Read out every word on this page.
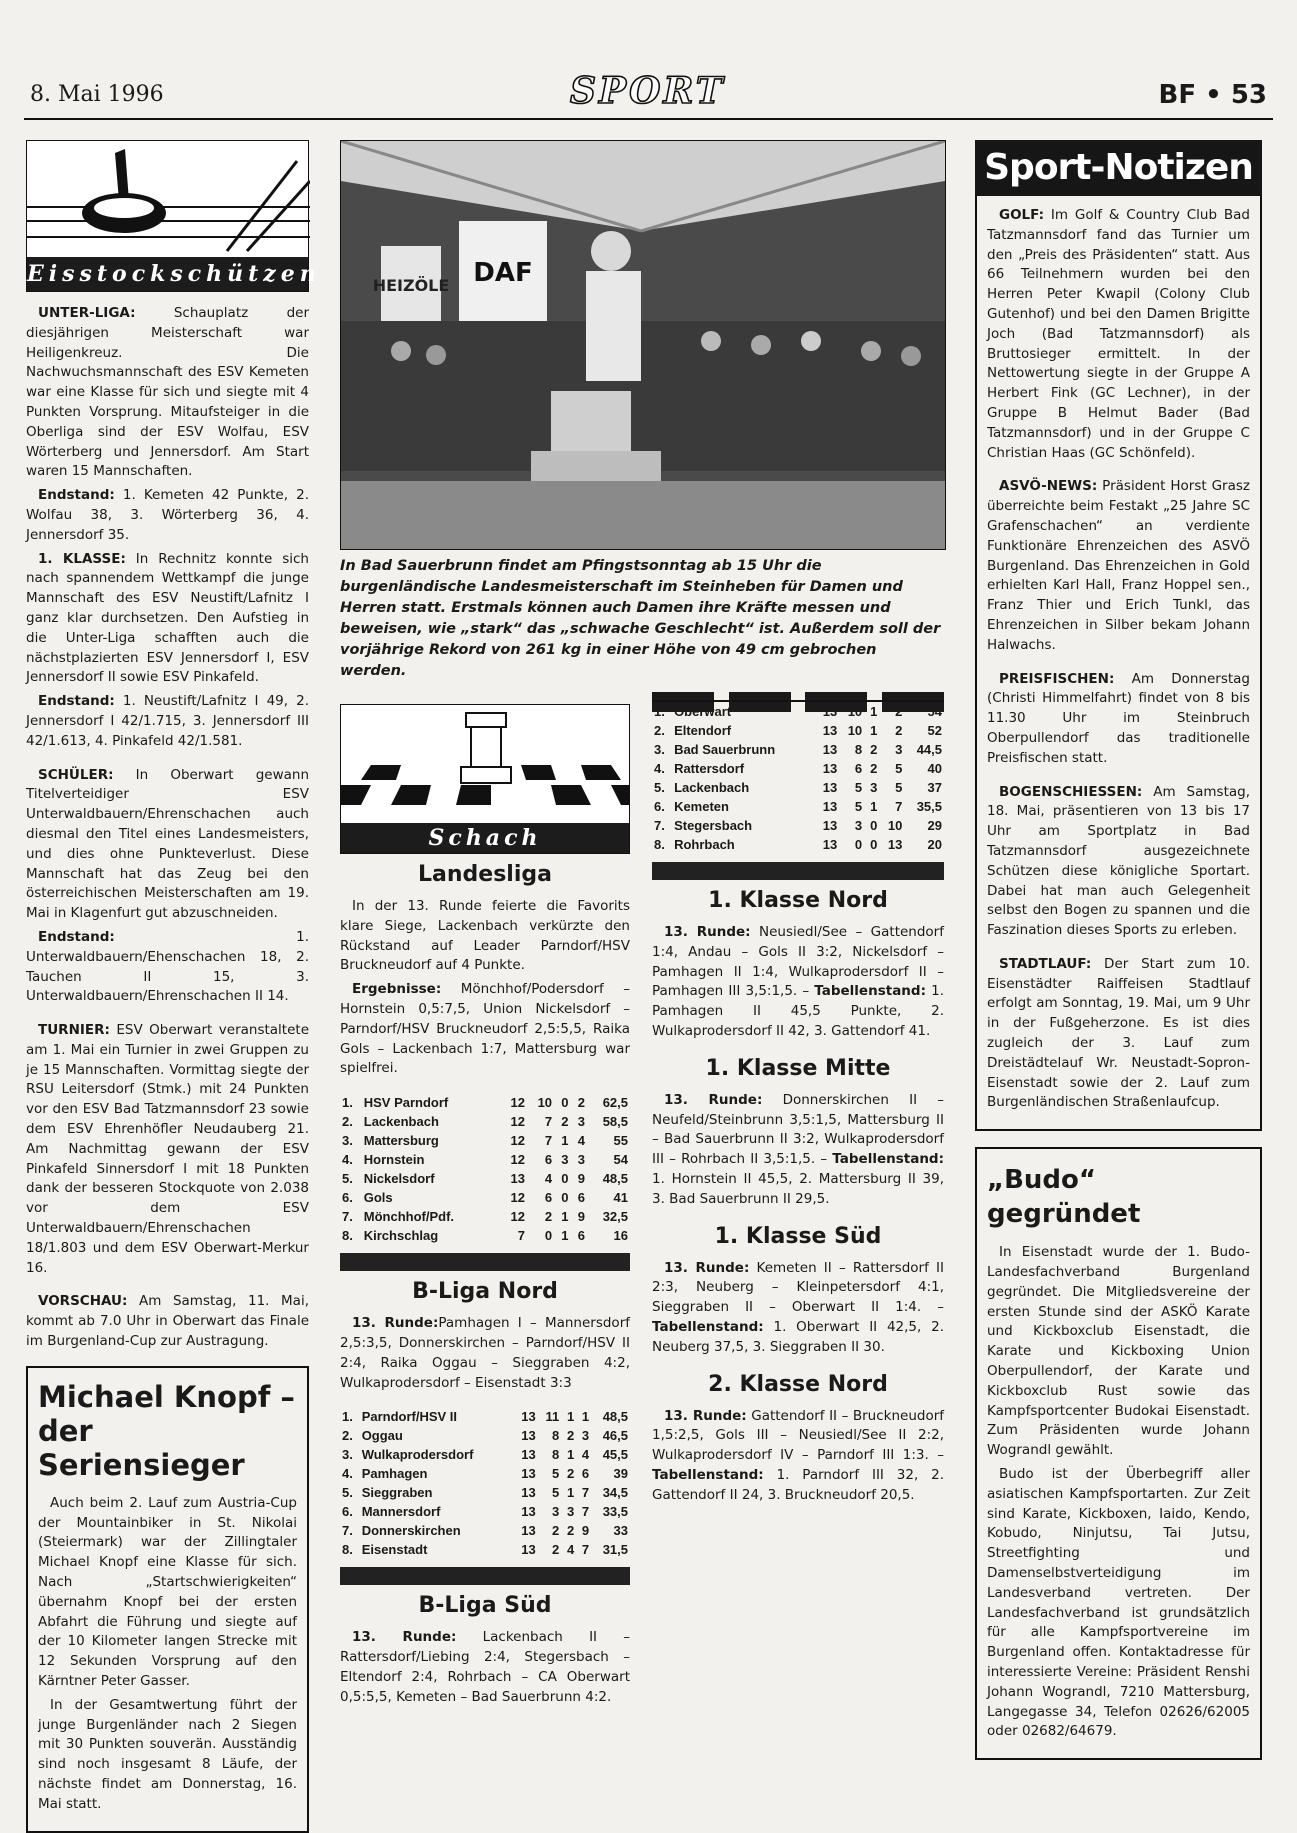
8. Mai 1996	SPORT	BF • 53
Eisstockschützen

UNTER-LIGA: Schauplatz der diesjährigen Meisterschaft war Heiligenkreuz. Die Nachwuchsmannschaft des ESV Kemeten war eine Klasse für sich und siegte mit 4 Punkten Vorsprung. Mitaufsteiger in die Oberliga sind der ESV Wolfau, ESV Wörterberg und Jennersdorf. Am Start waren 15 Mannschaften.

Endstand: 1. Kemeten 42 Punkte, 2. Wolfau 38, 3. Wörterberg 36, 4. Jennersdorf 35.

1. KLASSE: In Rechnitz konnte sich nach spannendem Wettkampf die junge Mannschaft des ESV Neustift/Lafnitz I ganz klar durchsetzen. Den Aufstieg in die Unter-Liga schafften auch die nächstplazierten ESV Jennersdorf I, ESV Jennersdorf II sowie ESV Pinkafeld.

Endstand: 1. Neustift/Lafnitz I 49, 2. Jennersdorf I 42/1.715, 3. Jennersdorf III 42/1.613, 4. Pinkafeld 42/1.581.

SCHÜLER: In Oberwart gewann Titelverteidiger ESV Unterwaldbauern/Ehrenschachen auch diesmal den Titel eines Landesmeisters, und dies ohne Punkteverlust. Diese Mannschaft hat das Zeug bei den österreichischen Meisterschaften am 19. Mai in Klagenfurt gut abzuschneiden.

Endstand: 1. Unterwaldbauern/Ehenschachen 18, 2. Tauchen II 15, 3. Unterwaldbauern/Ehrenschachen II 14.

TURNIER: ESV Oberwart veranstaltete am 1. Mai ein Turnier in zwei Gruppen zu je 15 Mannschaften. Vormittag siegte der RSU Leitersdorf (Stmk.) mit 24 Punkten vor den ESV Bad Tatzmannsdorf 23 sowie dem ESV Ehrenhöfler Neudauberg 21. Am Nachmittag gewann der ESV Pinkafeld Sinnersdorf I mit 18 Punkten dank der besseren Stockquote von 2.038 vor dem ESV Unterwaldbauern/Ehrenschachen 18/1.803 und dem ESV Oberwart-Merkur 16.

VORSCHAU: Am Samstag, 11. Mai, kommt ab 7.0 Uhr in Oberwart das Finale im Burgenland-Cup zur Austragung.

Michael Knopf – der Seriensieger

Auch beim 2. Lauf zum Austria-Cup der Mountainbiker in St. Nikolai (Steiermark) war der Zillingtaler Michael Knopf eine Klasse für sich. Nach „Startschwierigkeiten“ übernahm Knopf bei der ersten Abfahrt die Führung und siegte auf der 10 Kilometer langen Strecke mit 12 Sekunden Vorsprung auf den Kärntner Peter Gasser.

In der Gesamtwertung führt der junge Burgenländer nach 2 Siegen mit 30 Punkten souverän. Ausständig sind noch insgesamt 8 Läufe, der nächste findet am Donnerstag, 16. Mai statt.

HEIZÖLE DAF
In Bad Sauerbrunn findet am Pfingstsonntag ab 15 Uhr die burgenländische Landesmeisterschaft im Steinheben für Damen und Herren statt. Erstmals können auch Damen ihre Kräfte messen und beweisen, wie „stark“ das „schwache Geschlecht“ ist. Außerdem soll der vorjährige Rekord von 261 kg in einer Höhe von 49 cm gebrochen werden.
Schach
Landesliga

In der 13. Runde feierte die Favorits klare Siege, Lackenbach verkürzte den Rückstand auf Leader Parndorf/HSV Bruckneudorf auf 4 Punkte.

Ergebnisse: Mönchhof/Podersdorf – Hornstein 0,5:7,5, Union Nickelsdorf – Parndorf/HSV Bruckneudorf 2,5:5,5, Raika Gols – Lackenbach 1:7, Mattersburg war spielfrei.

1.	HSV Parndorf	12	10	0	2	62,5
2.	Lackenbach	12	7	2	3	58,5
3.	Mattersburg	12	7	1	4	55
4.	Hornstein	12	6	3	3	54
5.	Nickelsdorf	13	4	0	9	48,5
6.	Gols	12	6	0	6	41
7.	Mönchhof/Pdf.	12	2	1	9	32,5
8.	Kirchschlag	7	0	1	6	16
B-Liga Nord

13. Runde:Pamhagen I – Mannersdorf 2,5:3,5, Donnerskirchen – Parndorf/HSV II 2:4, Raika Oggau – Sieggraben 4:2, Wulkaprodersdorf – Eisenstadt 3:3

1.	Parndorf/HSV II	13	11	1	1	48,5
2.	Oggau	13	8	2	3	46,5
3.	Wulkaprodersdorf	13	8	1	4	45,5
4.	Pamhagen	13	5	2	6	39
5.	Sieggraben	13	5	1	7	34,5
6.	Mannersdorf	13	3	3	7	33,5
7.	Donnerskirchen	13	2	2	9	33
8.	Eisenstadt	13	2	4	7	31,5
B-Liga Süd

13. Runde: Lackenbach II – Rattersdorf/Liebing 2:4, Stegersbach – Eltendorf 2:4, Rohrbach – CA Oberwart 0,5:5,5, Kemeten – Bad Sauerbrunn 4:2.

1.	Oberwart	13	10	1	2	54
2.	Eltendorf	13	10	1	2	52
3.	Bad Sauerbrunn	13	8	2	3	44,5
4.	Rattersdorf	13	6	2	5	40
5.	Lackenbach	13	5	3	5	37
6.	Kemeten	13	5	1	7	35,5
7.	Stegersbach	13	3	0	10	29
8.	Rohrbach	13	0	0	13	20
1. Klasse Nord

13. Runde: Neusiedl/See – Gattendorf 1:4, Andau – Gols II 3:2, Nickelsdorf – Pamhagen II 1:4, Wulkaprodersdorf II – Pamhagen III 3,5:1,5. – Tabellenstand: 1. Pamhagen II 45,5 Punkte, 2. Wulkaprodersdorf II 42, 3. Gattendorf 41.

1. Klasse Mitte

13. Runde: Donnerskirchen II – Neufeld/Steinbrunn 3,5:1,5, Mattersburg II – Bad Sauerbrunn II 3:2, Wulkaprodersdorf III – Rohrbach II 3,5:1,5. – Tabellenstand: 1. Hornstein II 45,5, 2. Mattersburg II 39, 3. Bad Sauerbrunn II 29,5.

1. Klasse Süd

13. Runde: Kemeten II – Rattersdorf II 2:3, Neuberg – Kleinpetersdorf 4:1, Sieggraben II – Oberwart II 1:4. – Tabellenstand: 1. Oberwart II 42,5, 2. Neuberg 37,5, 3. Sieggraben II 30.

2. Klasse Nord

13. Runde: Gattendorf II – Bruckneudorf 1,5:2,5, Gols III – Neusiedl/See II 2:2, Wulkaprodersdorf IV – Parndorf III 1:3. – Tabellenstand: 1. Parndorf III 32, 2. Gattendorf II 24, 3. Bruckneudorf 20,5.

Sport-Notizen

GOLF: Im Golf & Country Club Bad Tatzmannsdorf fand das Turnier um den „Preis des Präsidenten“ statt. Aus 66 Teilnehmern wurden bei den Herren Peter Kwapil (Colony Club Gutenhof) und bei den Damen Brigitte Joch (Bad Tatzmannsdorf) als Bruttosieger ermittelt. In der Nettowertung siegte in der Gruppe A Herbert Fink (GC Lechner), in der Gruppe B Helmut Bader (Bad Tatzmannsdorf) und in der Gruppe C Christian Haas (GC Schönfeld).

ASVÖ-NEWS: Präsident Horst Grasz überreichte beim Festakt „25 Jahre SC Grafenschachen“ an verdiente Funktionäre Ehrenzeichen des ASVÖ Burgenland. Das Ehrenzeichen in Gold erhielten Karl Hall, Franz Hoppel sen., Franz Thier und Erich Tunkl, das Ehrenzeichen in Silber bekam Johann Halwachs.

PREISFISCHEN: Am Donnerstag (Christi Himmelfahrt) findet von 8 bis 11.30 Uhr im Steinbruch Oberpullendorf das traditionelle Preisfischen statt.

BOGENSCHIESSEN: Am Samstag, 18. Mai, präsentieren von 13 bis 17 Uhr am Sportplatz in Bad Tatzmannsdorf ausgezeichnete Schützen diese königliche Sportart. Dabei hat man auch Gelegenheit selbst den Bogen zu spannen und die Faszination dieses Sports zu erleben.

STADTLAUF: Der Start zum 10. Eisenstädter Raiffeisen Stadtlauf erfolgt am Sonntag, 19. Mai, um 9 Uhr in der Fußgeherzone. Es ist dies zugleich der 3. Lauf zum Dreistädtelauf Wr. Neustadt-Sopron-Eisenstadt sowie der 2. Lauf zum Burgenländischen Straßenlaufcup.

„Budo“ gegründet

In Eisenstadt wurde der 1. Budo-Landesfachverband Burgenland gegründet. Die Mitgliedsvereine der ersten Stunde sind der ASKÖ Karate und Kickboxclub Eisenstadt, die Karate und Kickboxing Union Oberpullendorf, der Karate und Kickboxclub Rust sowie das Kampfsportcenter Budokai Eisenstadt. Zum Präsidenten wurde Johann Wograndl gewählt.

Budo ist der Überbegriff aller asiatischen Kampfsportarten. Zur Zeit sind Karate, Kickboxen, Iaido, Kendo, Kobudo, Ninjutsu, Tai Jutsu, Streetfighting und Damenselbstverteidigung im Landesverband vertreten. Der Landesfachverband ist grundsätzlich für alle Kampfsportvereine im Burgenland offen. Kontaktadresse für interessierte Vereine: Präsident Renshi Johann Wograndl, 7210 Mattersburg, Langegasse 34, Telefon 02626/62005 oder 02682/64679.
